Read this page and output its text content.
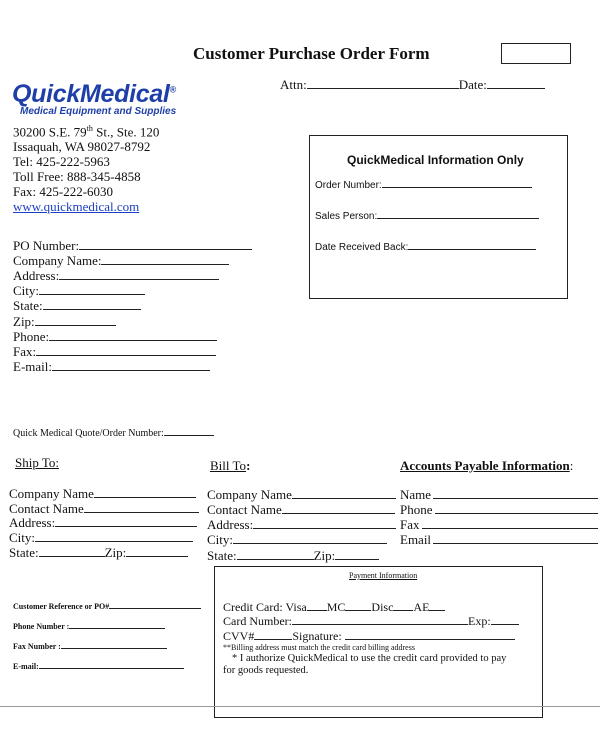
Customer Purchase Order Form
Attn:	Date:
QuickMedical®
Medical Equipment and Supplies
30200 S.E. 79th St., Ste. 120
Issaquah, WA 98027-8792
Tel: 425-222-5963
Toll Free: 888-345-4858
Fax: 425-222-6030
www.quickmedical.com
PO Number:
Company Name:
Address:
City:
State:
Zip:
Phone:
Fax:
E-mail:
QuickMedical Information Only
Order Number:
Sales Person:
Date Received Back:
Quick Medical Quote/Order Number:
Ship To:
Company Name
Contact Name
Address:
City:
State:	Zip:
Bill To:
Company Name
Contact Name
Address:
City:
State:	Zip:
Accounts Payable Information:
Name
Phone
Fax
Email
Customer Reference or PO#
Phone Number :
Fax Number :
E-mail:
Payment Information
Credit Card: Visa MC Disc AE
Card Number:	Exp:
CVV#	Signature:
**Billing address must match the credit card billing address
* I authorize QuickMedical to use the credit card provided to pay
for goods requested.
